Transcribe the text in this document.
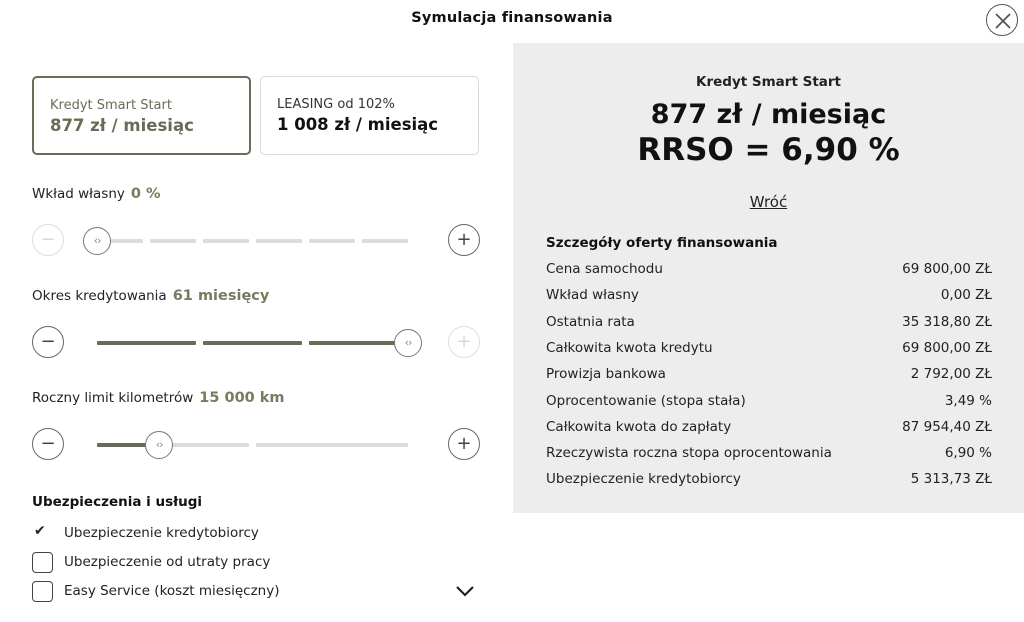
Symulacja finansowania
Kredyt Smart Start
877 zł / miesiąc
LEASING od 102%
1 008 zł / miesiąc
Wkład własny 0 %
−	‹›	+
Okres kredytowania 61 miesięcy
−	‹›	+
Roczny limit kilometrów 15 000 km
−	‹›	+
Ubezpieczenia i usługi
✔ Ubezpieczenie kredytobiorcy
Ubezpieczenie od utraty pracy
Easy Service (koszt miesięczny)
Kredyt Smart Start
877 zł / miesiąc
RRSO = 6,90 %
Wróć
Szczegóły oferty finansowania
Cena samochodu	69 800,00 ZŁ
Wkład własny	0,00 ZŁ
Ostatnia rata	35 318,80 ZŁ
Całkowita kwota kredytu	69 800,00 ZŁ
Prowizja bankowa	2 792,00 ZŁ
Oprocentowanie (stopa stała)	3,49 %
Całkowita kwota do zapłaty	87 954,40 ZŁ
Rzeczywista roczna stopa oprocentowania	6,90 %
Ubezpieczenie kredytobiorcy	5 313,73 ZŁ
